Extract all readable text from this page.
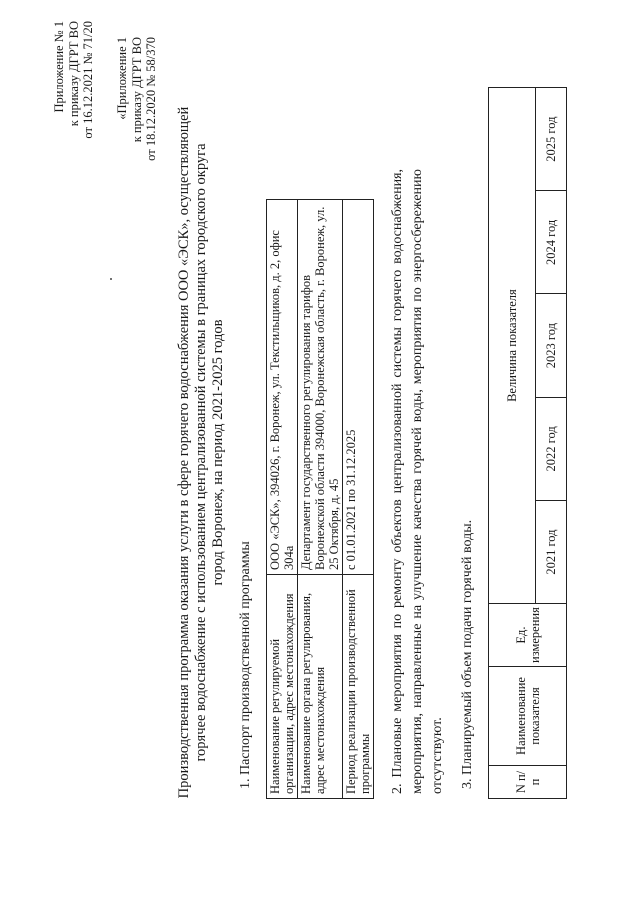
Приложение № 1 к приказу ДГРТ ВО от 16.12.2021 № 71/20 «Приложение 1 к приказу ДГРТ ВО от 18.12.2020 № 58/370
Производственная программа оказания услуги в сфере горячего водоснабжения ООО «ЭСК», осуществляющей горячее водоснабжение с использованием централизованной системы в границах городского округа город Воронеж, на период 2021-2025 годов
1. Паспорт производственной программы Наименование регулируемой организации, адрес местонахождения	ООО «ЭСК», 394026, г. Воронеж, ул. Текстильщиков, д. 2, офис 304а
Наименование органа регулирования, адрес местонахождения	Департамент государственного регулирования тарифов Воронежской области 394000, Воронежская область, г. Воронеж, ул. 25 Октября, д. 45
Период реализации производственной программы	с 01.01.2021 по 31.12.2025 2. Плановые мероприятия по ремонту объектов централизованной системы горячего водоснабжения, мероприятия, направленные на улучшение качества горячей воды, мероприятия по энергосбережению отсутствуют. 3. Планируемый объем подачи горячей воды.	N п/п	Наименование показателя	Ед. измерения	Величина показателя				
			2021 год	2022 год	2023 год	2024 год	2025 год
